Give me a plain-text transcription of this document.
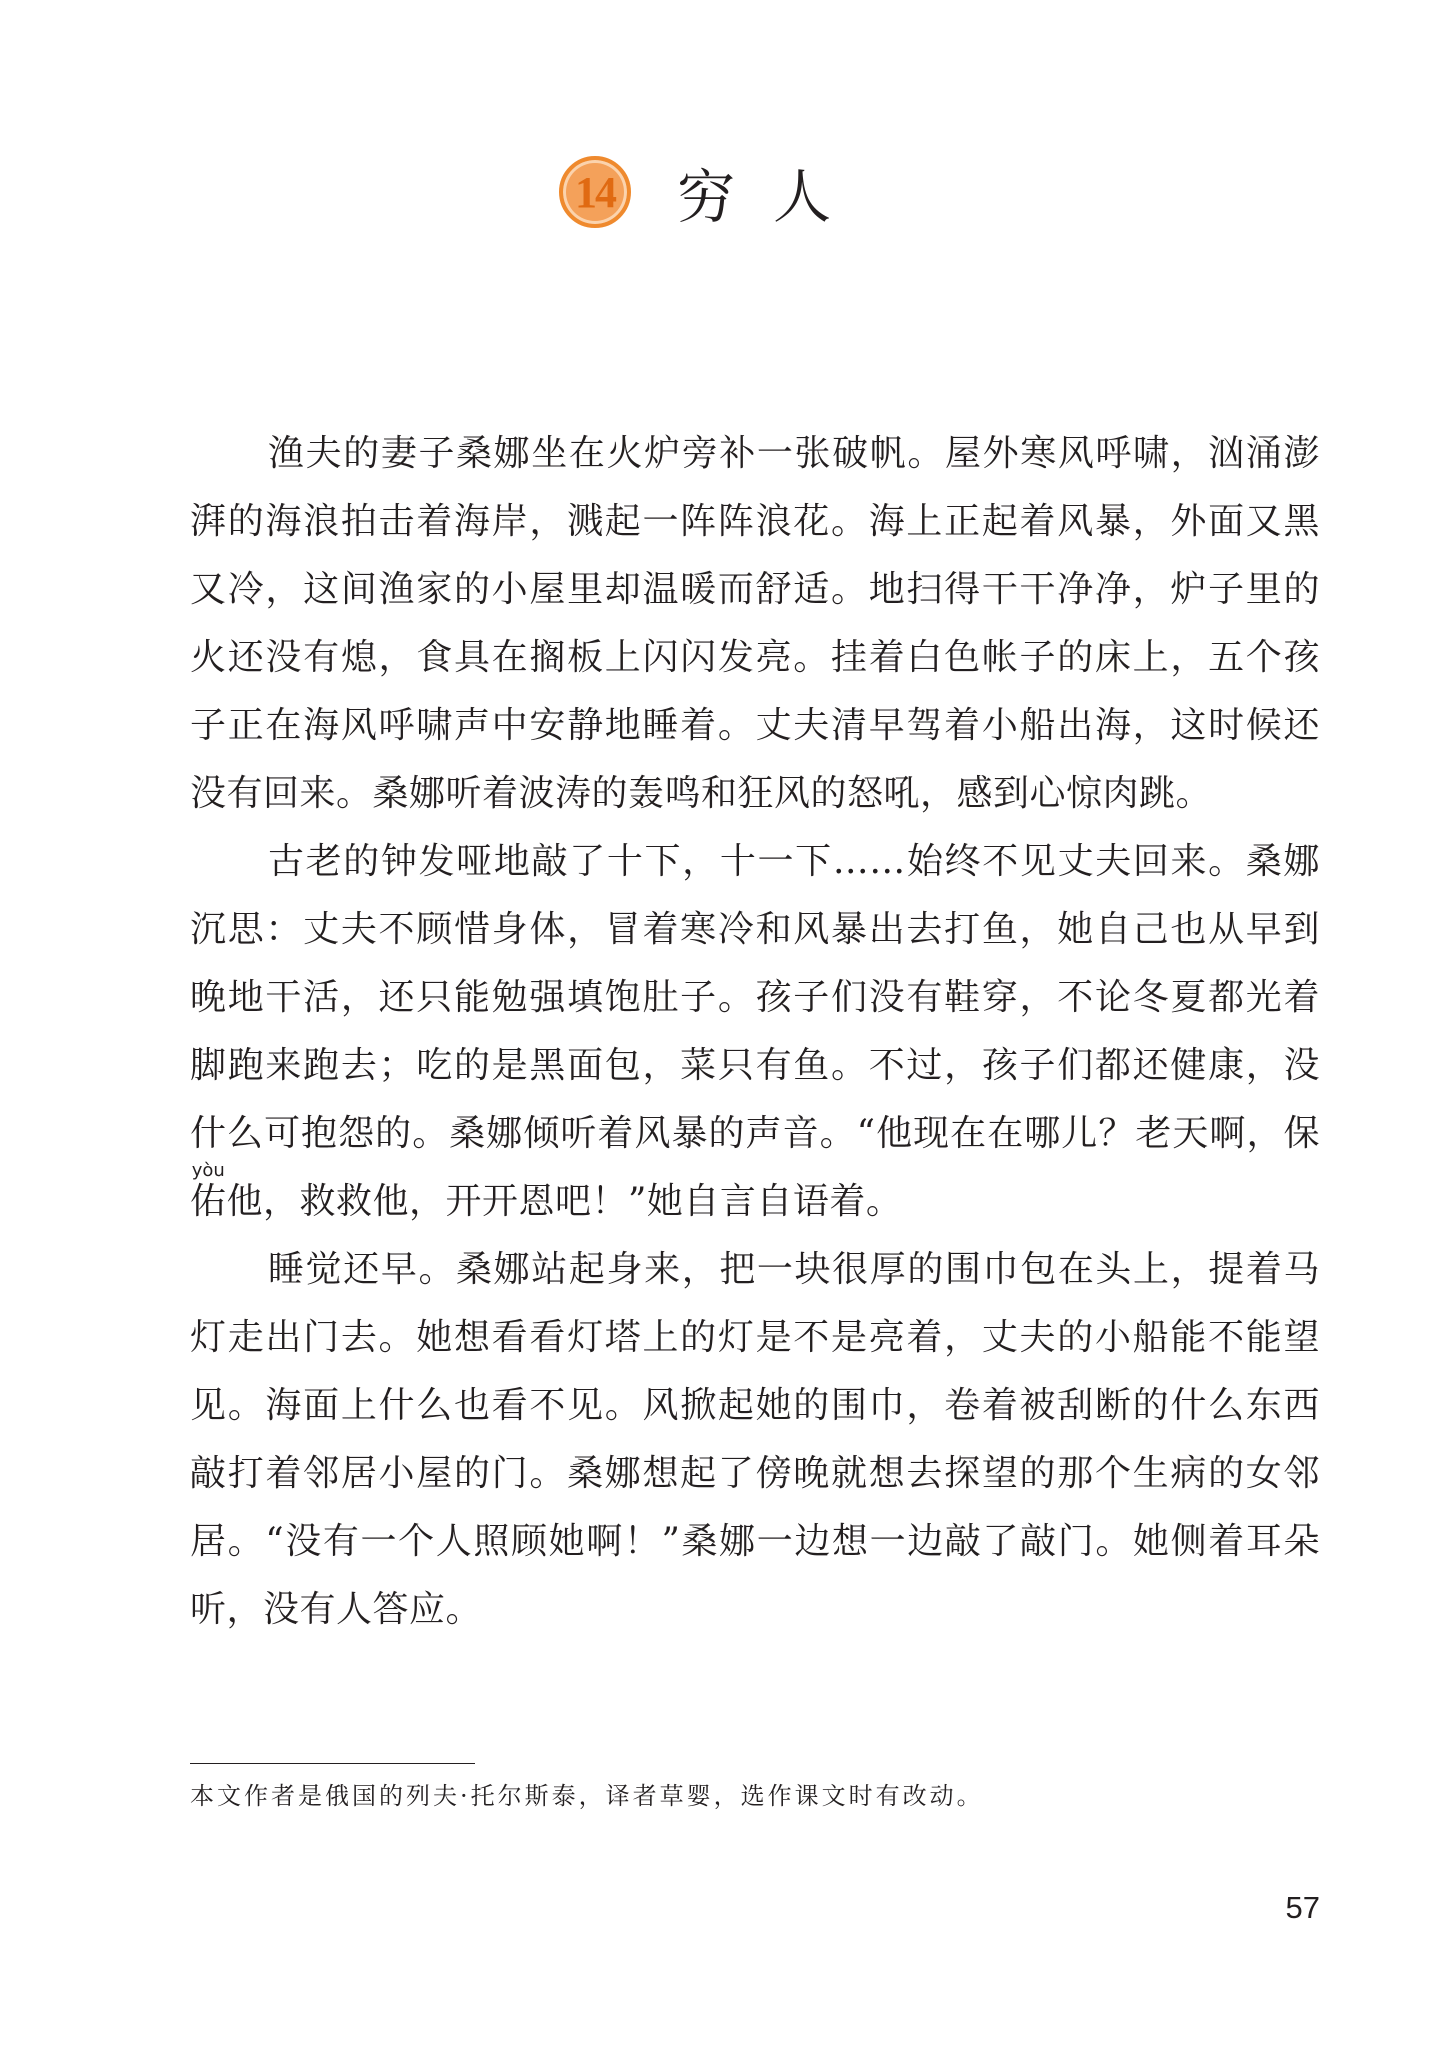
14 穷人

渔夫的妻子桑娜坐在火炉旁补一张破帆。屋外寒风呼啸，汹涌澎湃的海浪拍击着海岸，溅起一阵阵浪花。海上正起着风暴，外面又黑又冷，这间渔家的小屋里却温暖而舒适。地扫得干干净净，炉子里的火还没有熄，食具在搁板上闪闪发亮。挂着白色帐子的床上，五个孩子正在海风呼啸声中安静地睡着。丈夫清早驾着小船出海，这时候还没有回来。桑娜听着波涛的轰鸣和狂风的怒吼，感到心惊肉跳。

古老的钟发哑地敲了十下，十一下……始终不见丈夫回来。桑娜沉思：丈夫不顾惜身体，冒着寒冷和风暴出去打鱼，她自己也从早到晚地干活，还只能勉强填饱肚子。孩子们没有鞋穿，不论冬夏都光着脚跑来跑去；吃的是黑面包，菜只有鱼。不过，孩子们都还健康，没什么可抱怨的。桑娜倾听着风暴的声音。“他现在在哪儿？老天啊，保佑yòu他，救救他，开开恩吧！”她自言自语着。

睡觉还早。桑娜站起身来，把一块很厚的围巾包在头上，提着马灯走出门去。她想看看灯塔上的灯是不是亮着，丈夫的小船能不能望见。海面上什么也看不见。风掀起她的围巾，卷着被刮断的什么东西敲打着邻居小屋的门。桑娜想起了傍晚就想去探望的那个生病的女邻居。“没有一个人照顾她啊！”桑娜一边想一边敲了敲门。她侧着耳朵听，没有人答应。

本文作者是俄国的列夫·托尔斯泰，译者草婴，选作课文时有改动。
57
